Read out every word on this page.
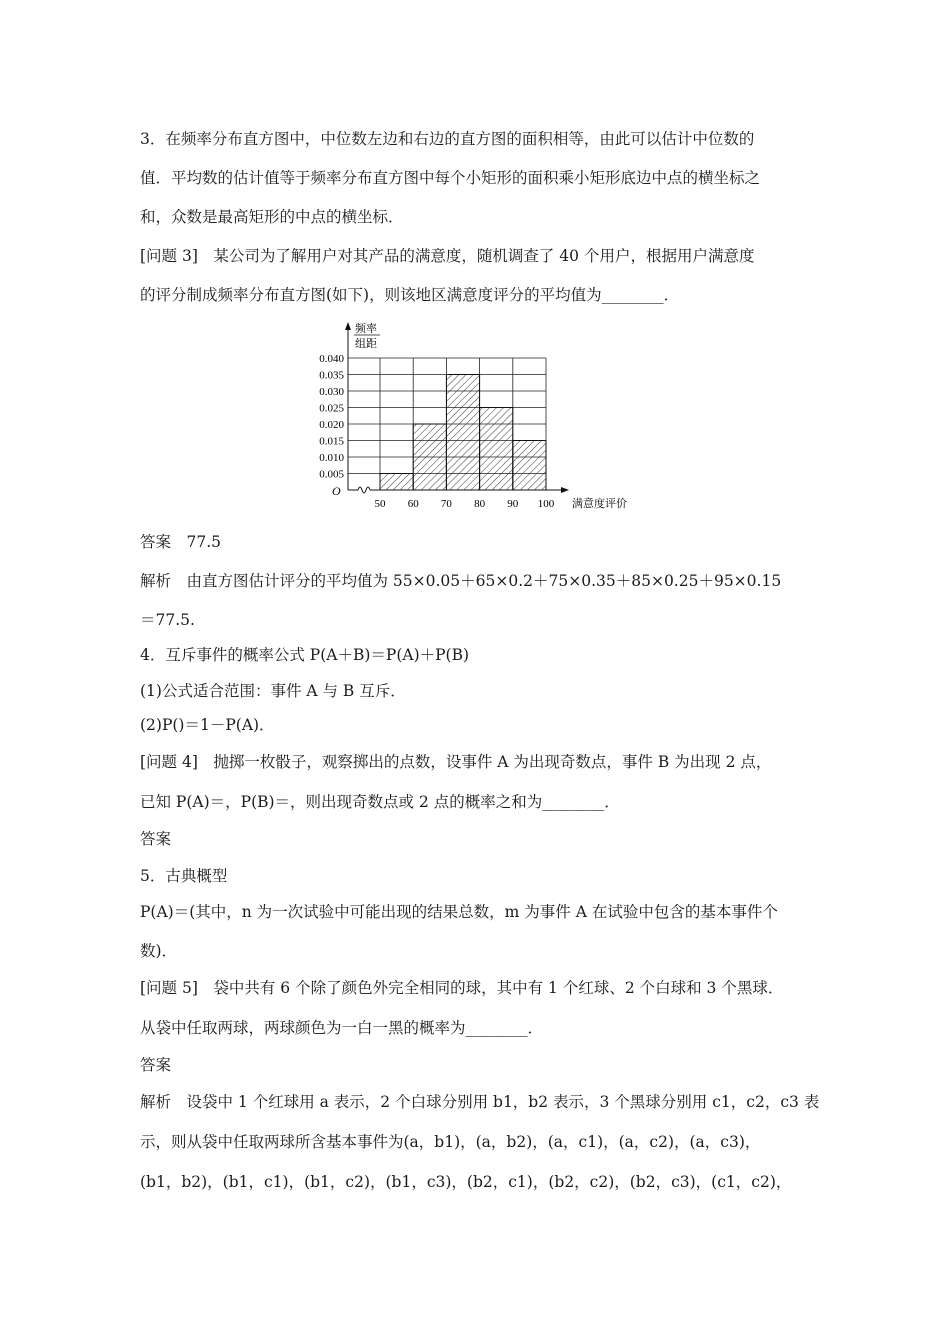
3．在频率分布直方图中，中位数左边和右边的直方图的面积相等，由此可以估计中位数的
值．平均数的估计值等于频率分布直方图中每个小矩形的面积乘小矩形底边中点的横坐标之
和，众数是最高矩形的中点的横坐标．
[问题 3]　某公司为了解用户对其产品的满意度，随机调查了 40 个用户，根据用户满意度
的评分制成频率分布直方图(如下)，则该地区满意度评分的平均值为________．
频率
组距
O
满意度评价
0.005
0.010
0.015
0.020
0.025
0.030
0.035
0.040
50 60 70 80 90 100
答案　77.5
解析　由直方图估计评分的平均值为 55×0.05＋65×0.2＋75×0.35＋85×0.25＋95×0.15
＝77.5.
4．互斥事件的概率公式 P(A＋B)＝P(A)＋P(B)
(1)公式适合范围：事件 A 与 B 互斥．
(2)P()＝1－P(A)．
[问题 4]　抛掷一枚骰子，观察掷出的点数，设事件 A 为出现奇数点，事件 B 为出现 2 点，
已知 P(A)＝，P(B)＝，则出现奇数点或 2 点的概率之和为________．
答案
5．古典概型
P(A)＝(其中，n 为一次试验中可能出现的结果总数，m 为事件 A 在试验中包含的基本事件个
数)．
[问题 5]　袋中共有 6 个除了颜色外完全相同的球，其中有 1 个红球、2 个白球和 3 个黑球．
从袋中任取两球，两球颜色为一白一黑的概率为________．
答案
解析　设袋中 1 个红球用 a 表示，2 个白球分别用 b1，b2 表示，3 个黑球分别用 c1，c2，c3 表
示，则从袋中任取两球所含基本事件为(a，b1)，(a，b2)，(a，c1)，(a，c2)，(a，c3)，
(b1，b2)，(b1，c1)，(b1，c2)，(b1，c3)，(b2，c1)，(b2，c2)，(b2，c3)，(c1，c2)，
